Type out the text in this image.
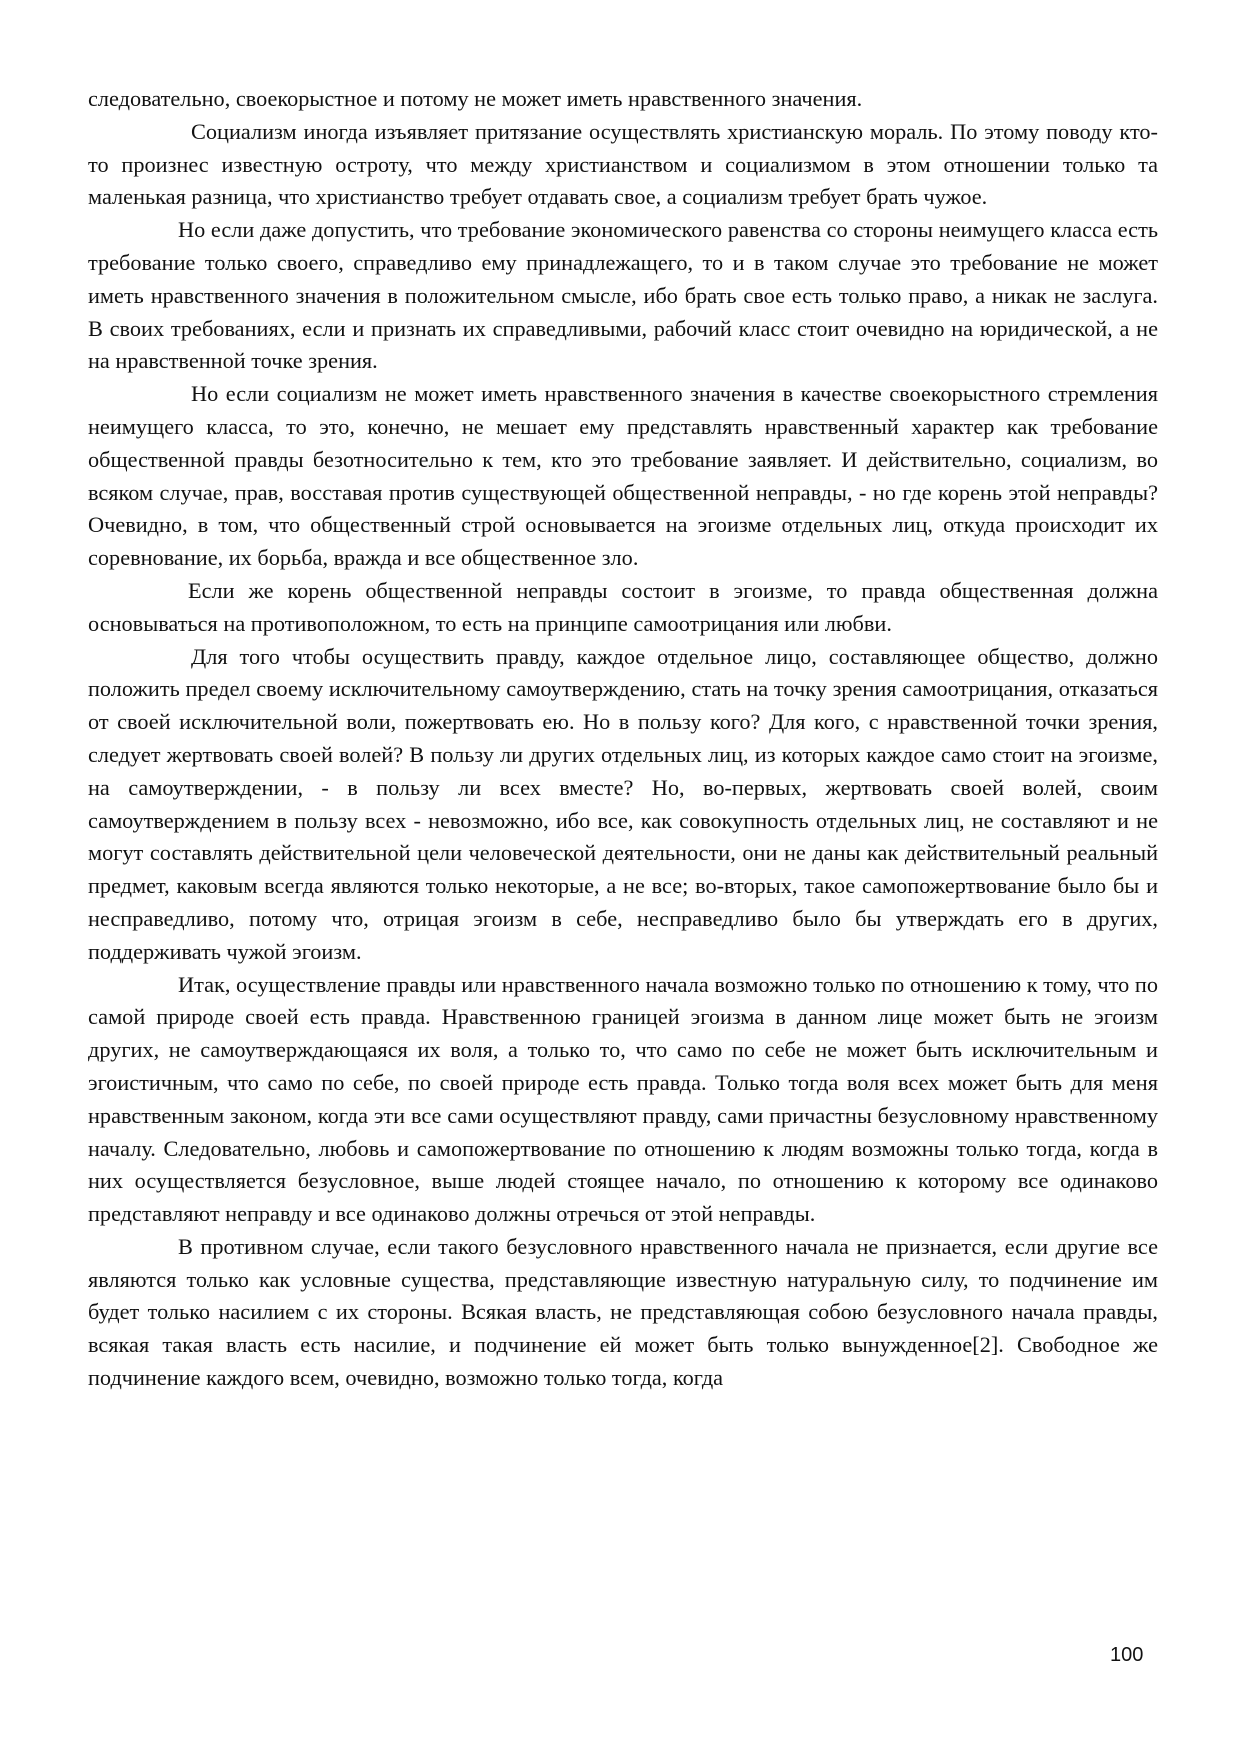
следовательно, своекорыстное и потому не может иметь нравственного значения.

Социализм иногда изъявляет притязание осуществлять христианскую мораль. По этому поводу кто-то произнес известную остроту, что между христианством и социализмом в этом отношении только та маленькая разница, что христианство требует отдавать свое, а социализм требует брать чужое.

Но если даже допустить, что требование экономического равенства со стороны неимущего класса есть требование только своего, справедливо ему принадлежащего, то и в таком случае это требование не может иметь нравственного значения в положительном смысле, ибо брать свое есть только право, а никак не заслуга. В своих требованиях, если и признать их справедливыми, рабочий класс стоит очевидно на юридической, а не на нравственной точке зрения.

Но если социализм не может иметь нравственного значения в качестве своекорыстного стремления неимущего класса, то это, конечно, не мешает ему представлять нравственный характер как требование общественной правды безотносительно к тем, кто это требование заявляет. И действительно, социализм, во всяком случае, прав, восставая против существующей общественной неправды, - но где корень этой неправды? Очевидно, в том, что общественный строй основывается на эгоизме отдельных лиц, откуда происходит их соревнование, их борьба, вражда и все общественное зло.

Если же корень общественной неправды состоит в эгоизме, то правда общественная должна основываться на противоположном, то есть на принципе самоотрицания или любви.

Для того чтобы осуществить правду, каждое отдельное лицо, составляющее общество, должно положить предел своему исключительному самоутверждению, стать на точку зрения самоотрицания, отказаться от своей исключительной воли, пожертвовать ею. Но в пользу кого? Для кого, с нравственной точки зрения, следует жертвовать своей волей? В пользу ли других отдельных лиц, из которых каждое само стоит на эгоизме, на самоутверждении, - в пользу ли всех вместе? Но, во-первых, жертвовать своей волей, своим самоутверждением в пользу всех - невозможно, ибо все, как совокупность отдельных лиц, не составляют и не могут составлять действительной цели человеческой деятельности, они не даны как действительный реальный предмет, каковым всегда являются только некоторые, а не все; во-вторых, такое самопожертвование было бы и несправедливо, потому что, отрицая эгоизм в себе, несправедливо было бы утверждать его в других, поддерживать чужой эгоизм.

Итак, осуществление правды или нравственного начала возможно только по отношению к тому, что по самой природе своей есть правда. Нравственною границей эгоизма в данном лице может быть не эгоизм других, не самоутверждающаяся их воля, а только то, что само по себе не может быть исключительным и эгоистичным, что само по себе, по своей природе есть правда. Только тогда воля всех может быть для меня нравственным законом, когда эти все сами осуществляют правду, сами причастны безусловному нравственному началу. Следовательно, любовь и самопожертвование по отношению к людям возможны только тогда, когда в них осуществляется безусловное, выше людей стоящее начало, по отношению к которому все одинаково представляют неправду и все одинаково должны отречься от этой неправды.

В противном случае, если такого безусловного нравственного начала не признается, если другие все являются только как условные существа, представляющие известную натуральную силу, то подчинение им будет только насилием с их стороны. Всякая власть, не представляющая собою безусловного начала правды, всякая такая власть есть насилие, и подчинение ей может быть только вынужденное[2]. Свободное же подчинение каждого всем, очевидно, возможно только тогда, когда

100
